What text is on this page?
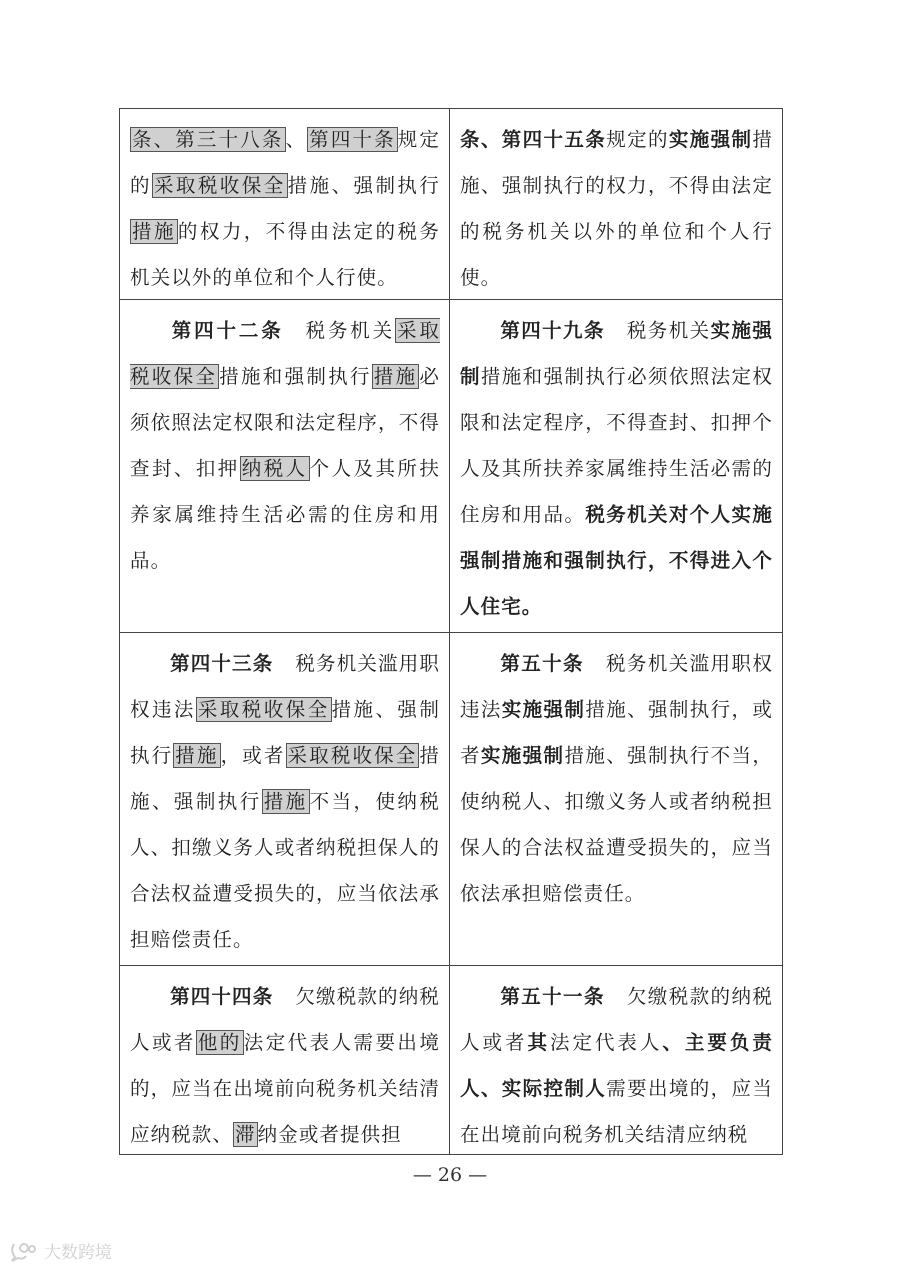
条、第三十八条 、 第四十条 规定的 采取税收保全 措施、强制执行措施 的权力，不得由法定的税务机关以外的单位和个人行使。
条、第四十五条规定的实施强制措施、强制执行的权力，不得由法定的税务机关以外的单位和个人行使。
第四十二条 税务机关 采取税收保全 措施和强制执行 措施 必须依照法定权限和法定程序，不得查封、扣押 纳税人 个人及其所扶养家属维持生活必需的住房和用品。
第四十九条 税务机关实施强制措施和强制执行必须依照法定权限和法定程序，不得查封、扣押个人及其所扶养家属维持生活必需的住房和用品。税务机关对个人实施强制措施和强制执行，不得进入个人住宅。
第四十三条 税务机关滥用职权违法 采取税收保全 措施、强制执行 措施 ，或者 采取税收保全 措施、强制执行 措施 不当，使纳税人、扣缴义务人或者纳税担保人的合法权益遭受损失的，应当依法承担赔偿责任。
第五十条 税务机关滥用职权违法实施强制措施、强制执行，或者实施强制措施、强制执行不当，使纳税人、扣缴义务人或者纳税担保人的合法权益遭受损失的，应当依法承担赔偿责任。
第四十四条 欠缴税款的纳税人或者 他的 法定代表人需要出境的，应当在出境前向税务机关结清应纳税款、 滞 纳金或者提供担
第五十一条 欠缴税款的纳税人或者其法定代表人、主要负责人、实际控制人需要出境的，应当在出境前向税务机关结清应纳税
— 26 —
大数跨境
